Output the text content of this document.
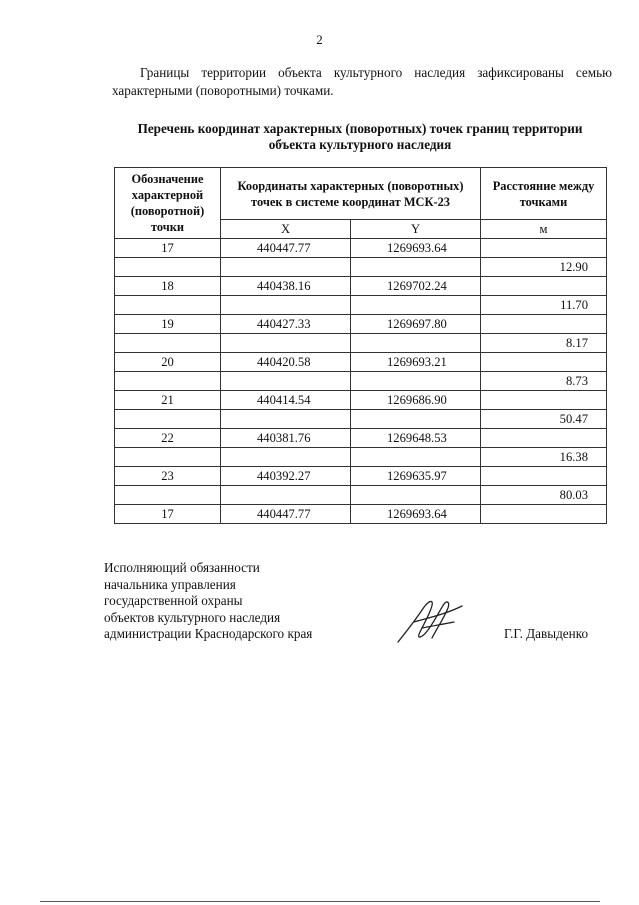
2
Границы территории объекта культурного наследия зафиксированы семью
характерными (поворотными) точками.
Перечень координат характерных (поворотных) точек границ территории
объекта культурного наследия
Обозначение характерной (поворотной) точки	Координаты характерных (поворотных) точек в системе координат МСК-23		Расстояние между точками
	X	Y	м
17	440447.77	1269693.64	
			12.90
18	440438.16	1269702.24	
			11.70
19	440427.33	1269697.80	
			8.17
20	440420.58	1269693.21	
			8.73
21	440414.54	1269686.90	
			50.47
22	440381.76	1269648.53	
			16.38
23	440392.27	1269635.97	
			80.03
17	440447.77	1269693.64	
Исполняющий обязанности
начальника управления
государственной охраны
объектов культурного наследия
администрации Краснодарского края	Г.Г. Давыденко
